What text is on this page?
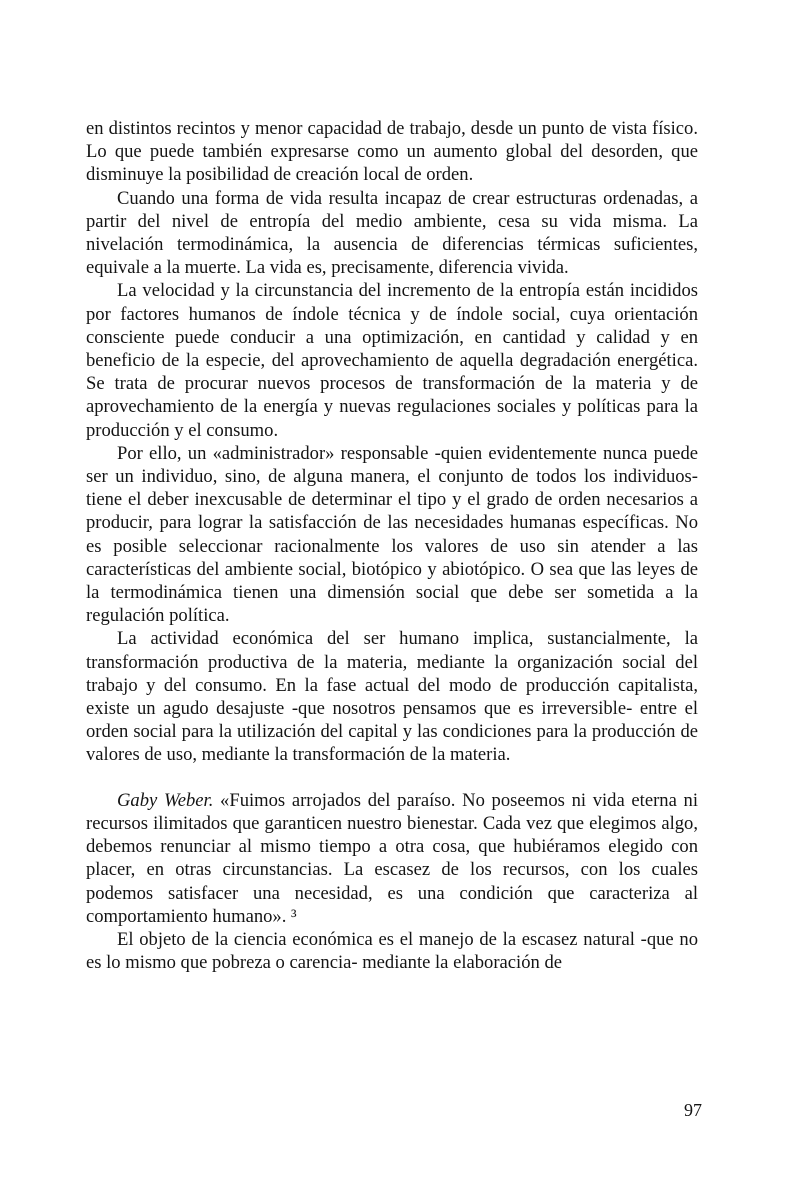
en distintos recintos y menor capacidad de trabajo, desde un punto de vista físico. Lo que puede también expresarse como un aumento global del desorden, que disminuye la posibilidad de creación local de orden.

Cuando una forma de vida resulta incapaz de crear estructuras ordenadas, a partir del nivel de entropía del medio ambiente, cesa su vida misma. La nivelación termodinámica, la ausencia de diferencias térmicas suficientes, equivale a la muerte. La vida es, precisamente, diferencia vivida.

La velocidad y la circunstancia del incremento de la entropía están incididos por factores humanos de índole técnica y de índole social, cuya orientación consciente puede conducir a una optimización, en cantidad y calidad y en beneficio de la especie, del aprovechamiento de aquella degradación energética. Se trata de procurar nuevos procesos de transformación de la materia y de aprovechamiento de la energía y nuevas regulaciones sociales y políticas para la producción y el consumo.

Por ello, un «administrador» responsable -quien evidentemente nunca puede ser un individuo, sino, de alguna manera, el conjunto de todos los individuos- tiene el deber inexcusable de determinar el tipo y el grado de orden necesarios a producir, para lograr la satisfacción de las necesidades humanas específicas. No es posible seleccionar racionalmente los valores de uso sin atender a las características del ambiente social, biotópico y abiotópico. O sea que las leyes de la termodinámica tienen una dimensión social que debe ser sometida a la regulación política.

La actividad económica del ser humano implica, sustancialmente, la transformación productiva de la materia, mediante la organización social del trabajo y del consumo. En la fase actual del modo de producción capitalista, existe un agudo desajuste -que nosotros pensamos que es irreversible- entre el orden social para la utilización del capital y las condiciones para la producción de valores de uso, mediante la transformación de la materia.

Gaby Weber. «Fuimos arrojados del paraíso. No poseemos ni vida eterna ni recursos ilimitados que garanticen nuestro bienestar. Cada vez que elegimos algo, debemos renunciar al mismo tiempo a otra cosa, que hubiéramos elegido con placer, en otras circunstancias. La escasez de los recursos, con los cuales podemos satisfacer una necesidad, es una condición que caracteriza al comportamiento humano». ³

El objeto de la ciencia económica es el manejo de la escasez natural -que no es lo mismo que pobreza o carencia- mediante la elaboración de

97
